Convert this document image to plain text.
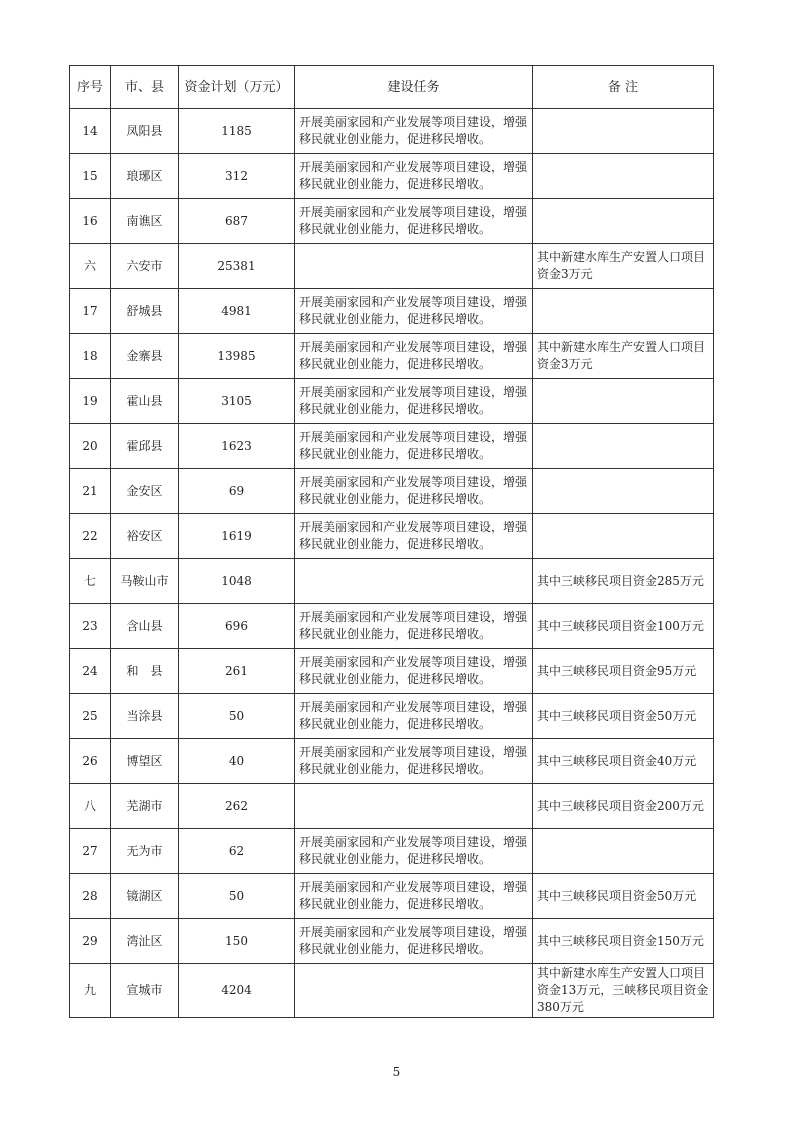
序号	市、县	资金计划（万元）	建设任务	备 注
14	凤阳县	1185	开展美丽家园和产业发展等项目建设，增强移民就业创业能力，促进移民增收。	
15	琅琊区	312	开展美丽家园和产业发展等项目建设，增强移民就业创业能力，促进移民增收。	
16	南谯区	687	开展美丽家园和产业发展等项目建设，增强移民就业创业能力，促进移民增收。	
六	六安市	25381		其中新建水库生产安置人口项目资金3万元
17	舒城县	4981	开展美丽家园和产业发展等项目建设，增强移民就业创业能力，促进移民增收。	
18	金寨县	13985	开展美丽家园和产业发展等项目建设，增强移民就业创业能力，促进移民增收。	其中新建水库生产安置人口项目资金3万元
19	霍山县	3105	开展美丽家园和产业发展等项目建设，增强移民就业创业能力，促进移民增收。	
20	霍邱县	1623	开展美丽家园和产业发展等项目建设，增强移民就业创业能力，促进移民增收。	
21	金安区	69	开展美丽家园和产业发展等项目建设，增强移民就业创业能力，促进移民增收。	
22	裕安区	1619	开展美丽家园和产业发展等项目建设，增强移民就业创业能力，促进移民增收。	
七	马鞍山市	1048		其中三峡移民项目资金285万元
23	含山县	696	开展美丽家园和产业发展等项目建设，增强移民就业创业能力，促进移民增收。	其中三峡移民项目资金100万元
24	和　县	261	开展美丽家园和产业发展等项目建设，增强移民就业创业能力，促进移民增收。	其中三峡移民项目资金95万元
25	当涂县	50	开展美丽家园和产业发展等项目建设，增强移民就业创业能力，促进移民增收。	其中三峡移民项目资金50万元
26	博望区	40	开展美丽家园和产业发展等项目建设，增强移民就业创业能力，促进移民增收。	其中三峡移民项目资金40万元
八	芜湖市	262		其中三峡移民项目资金200万元
27	无为市	62	开展美丽家园和产业发展等项目建设，增强移民就业创业能力，促进移民增收。	
28	镜湖区	50	开展美丽家园和产业发展等项目建设，增强移民就业创业能力，促进移民增收。	其中三峡移民项目资金50万元
29	湾沚区	150	开展美丽家园和产业发展等项目建设，增强移民就业创业能力，促进移民增收。	其中三峡移民项目资金150万元
九	宣城市	4204		其中新建水库生产安置人口项目资金13万元，三峡移民项目资金380万元
5
